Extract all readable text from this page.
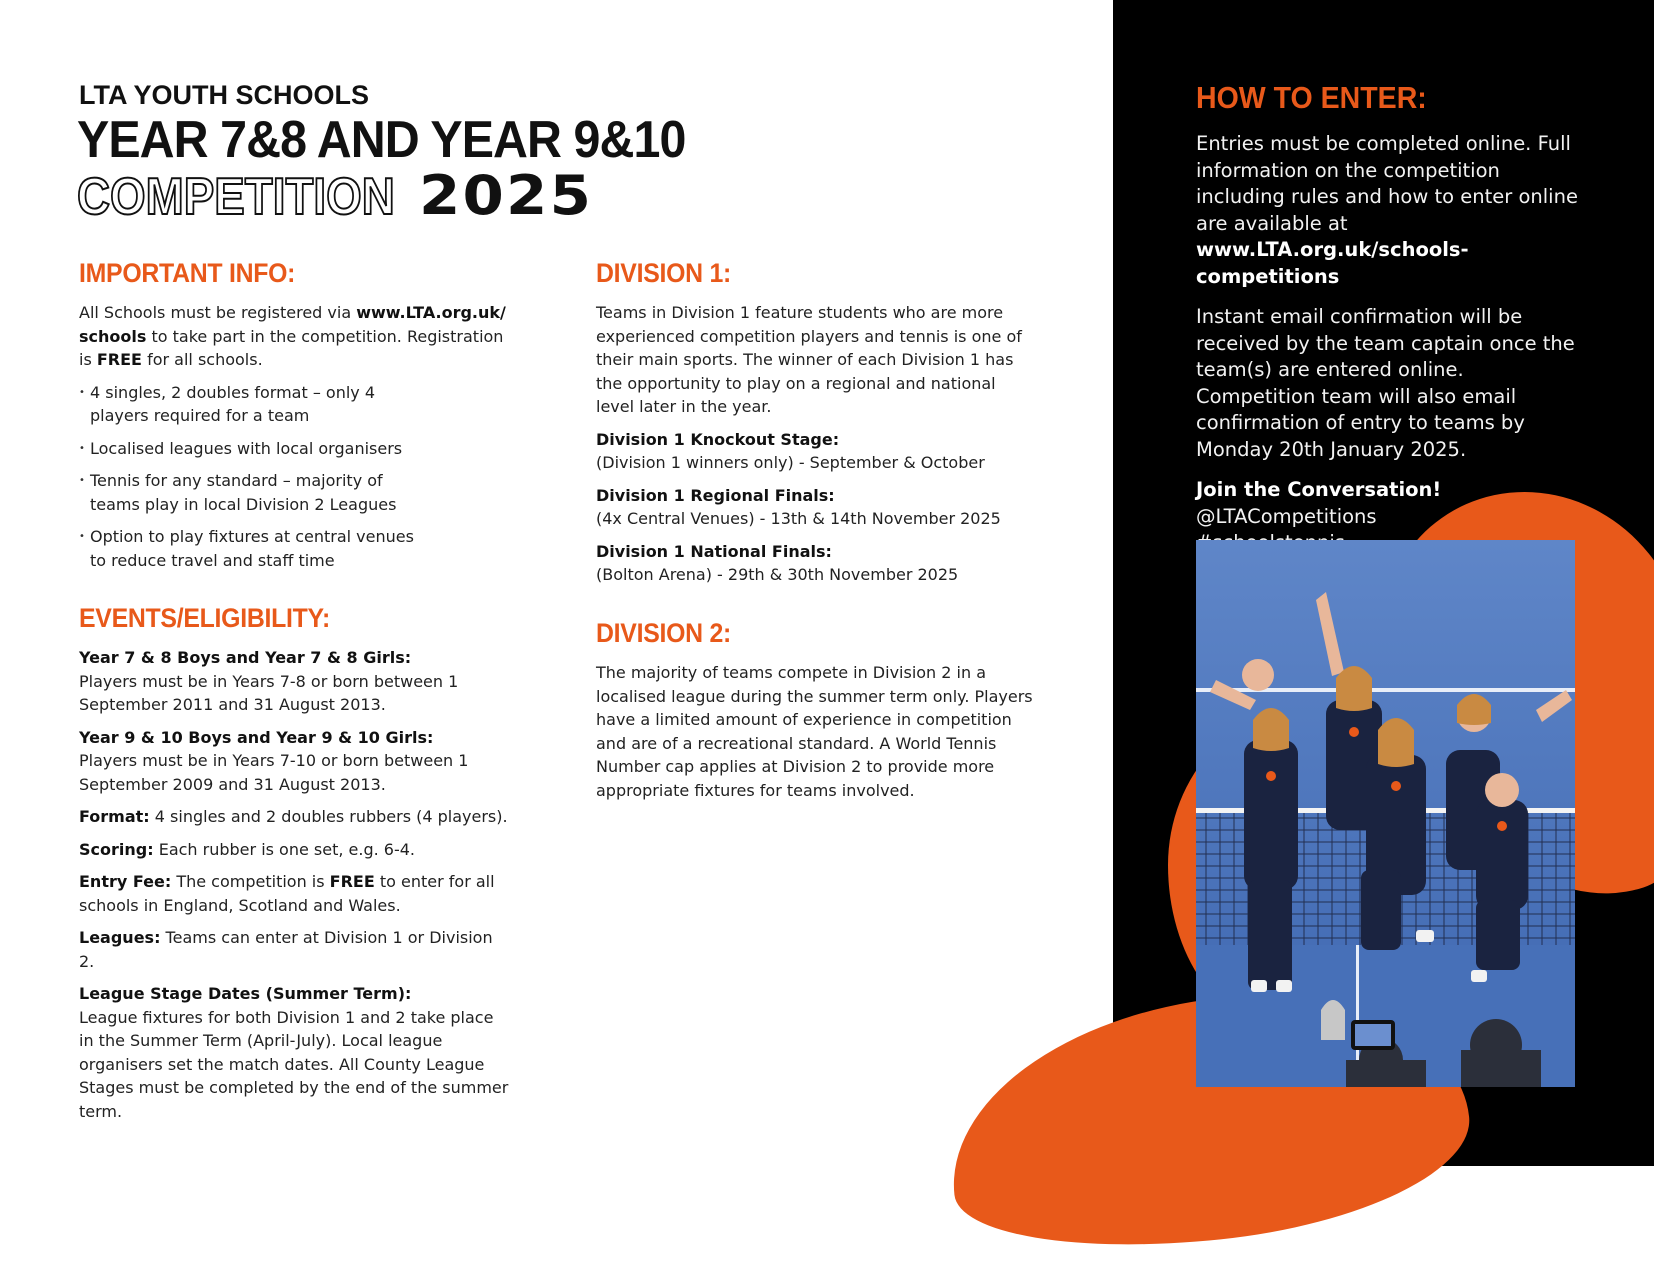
LTA YOUTH SCHOOLS
YEAR 7&8 AND YEAR 9&10
COMPETITION 2025
IMPORTANT INFO:

All Schools must be registered via www.LTA.org.uk/ schools to take part in the competition. Registration is FREE for all schools.

• 4 singles, 2 doubles format – only 4 players required for a team
• Localised leagues with local organisers
• Tennis for any standard – majority of teams play in local Division 2 Leagues
• Option to play fixtures at central venues to reduce travel and staff time
EVENTS/ELIGIBILITY:

Year 7 & 8 Boys and Year 7 & 8 Girls:
Players must be in Years 7-8 or born between 1 September 2011 and 31 August 2013.

Year 9 & 10 Boys and Year 9 & 10 Girls:
Players must be in Years 7-10 or born between 1 September 2009 and 31 August 2013.

Format: 4 singles and 2 doubles rubbers (4 players).

Scoring: Each rubber is one set, e.g. 6-4.

Entry Fee: The competition is FREE to enter for all schools in England, Scotland and Wales.

Leagues: Teams can enter at Division 1 or Division 2.

League Stage Dates (Summer Term):
League fixtures for both Division 1 and 2 take place in the Summer Term (April-July). Local league organisers set the match dates. All County League Stages must be completed by the end of the summer term.

DIVISION 1:

Teams in Division 1 feature students who are more experienced competition players and tennis is one of their main sports. The winner of each Division 1 has the opportunity to play on a regional and national level later in the year.

Division 1 Knockout Stage:
(Division 1 winners only) - September & October

Division 1 Regional Finals:
(4x Central Venues) - 13th & 14th November 2025

Division 1 National Finals:
(Bolton Arena) - 29th & 30th November 2025

DIVISION 2:

The majority of teams compete in Division 2 in a localised league during the summer term only. Players have a limited amount of experience in competition and are of a recreational standard. A World Tennis Number cap applies at Division 2 to provide more appropriate fixtures for teams involved.

HOW TO ENTER:

Entries must be completed online. Full information on the competition including rules and how to enter online are available at www.LTA.org.uk/schools-competitions

Instant email confirmation will be received by the team captain once the team(s) are entered online. Competition team will also email confirmation of entry to teams by Monday 20th January 2025.

Join the Conversation!
@LTACompetitions
